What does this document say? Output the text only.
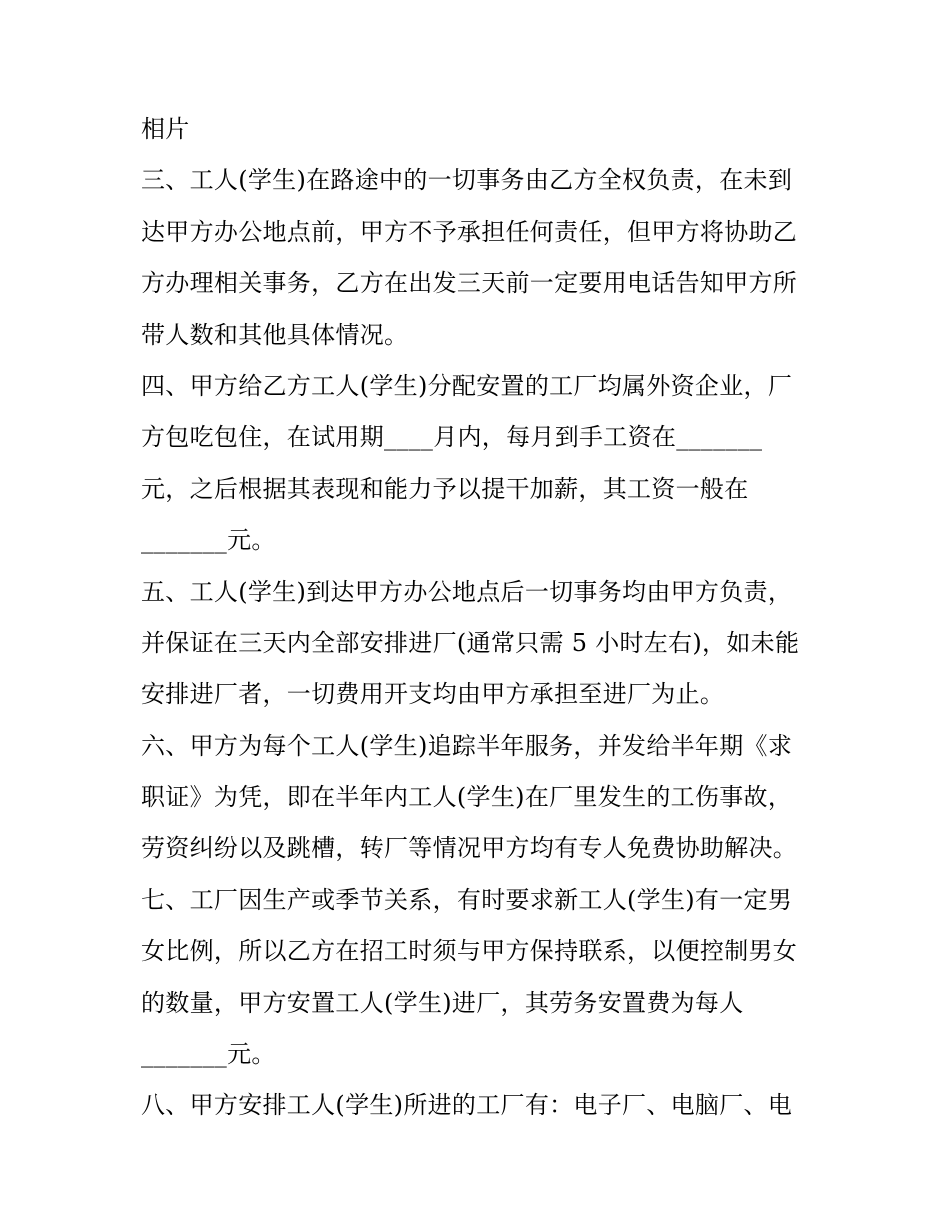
相片
三、工人(学生)在路途中的一切事务由乙方全权负责，在未到
达甲方办公地点前，甲方不予承担任何责任，但甲方将协助乙
方办理相关事务，乙方在出发三天前一定要用电话告知甲方所
带人数和其他具体情况。
四、甲方给乙方工人(学生)分配安置的工厂均属外资企业，厂
方包吃包住，在试用期____月内，每月到手工资在_______
元，之后根据其表现和能力予以提干加薪，其工资一般在
_______元。
五、工人(学生)到达甲方办公地点后一切事务均由甲方负责，
并保证在三天内全部安排进厂(通常只需 5 小时左右)，如未能
安排进厂者，一切费用开支均由甲方承担至进厂为止。
六、甲方为每个工人(学生)追踪半年服务，并发给半年期《求
职证》为凭，即在半年内工人(学生)在厂里发生的工伤事故，
劳资纠纷以及跳槽，转厂等情况甲方均有专人免费协助解决。
七、工厂因生产或季节关系，有时要求新工人(学生)有一定男
女比例，所以乙方在招工时须与甲方保持联系，以便控制男女
的数量，甲方安置工人(学生)进厂，其劳务安置费为每人
_______元。
八、甲方安排工人(学生)所进的工厂有：电子厂、电脑厂、电
